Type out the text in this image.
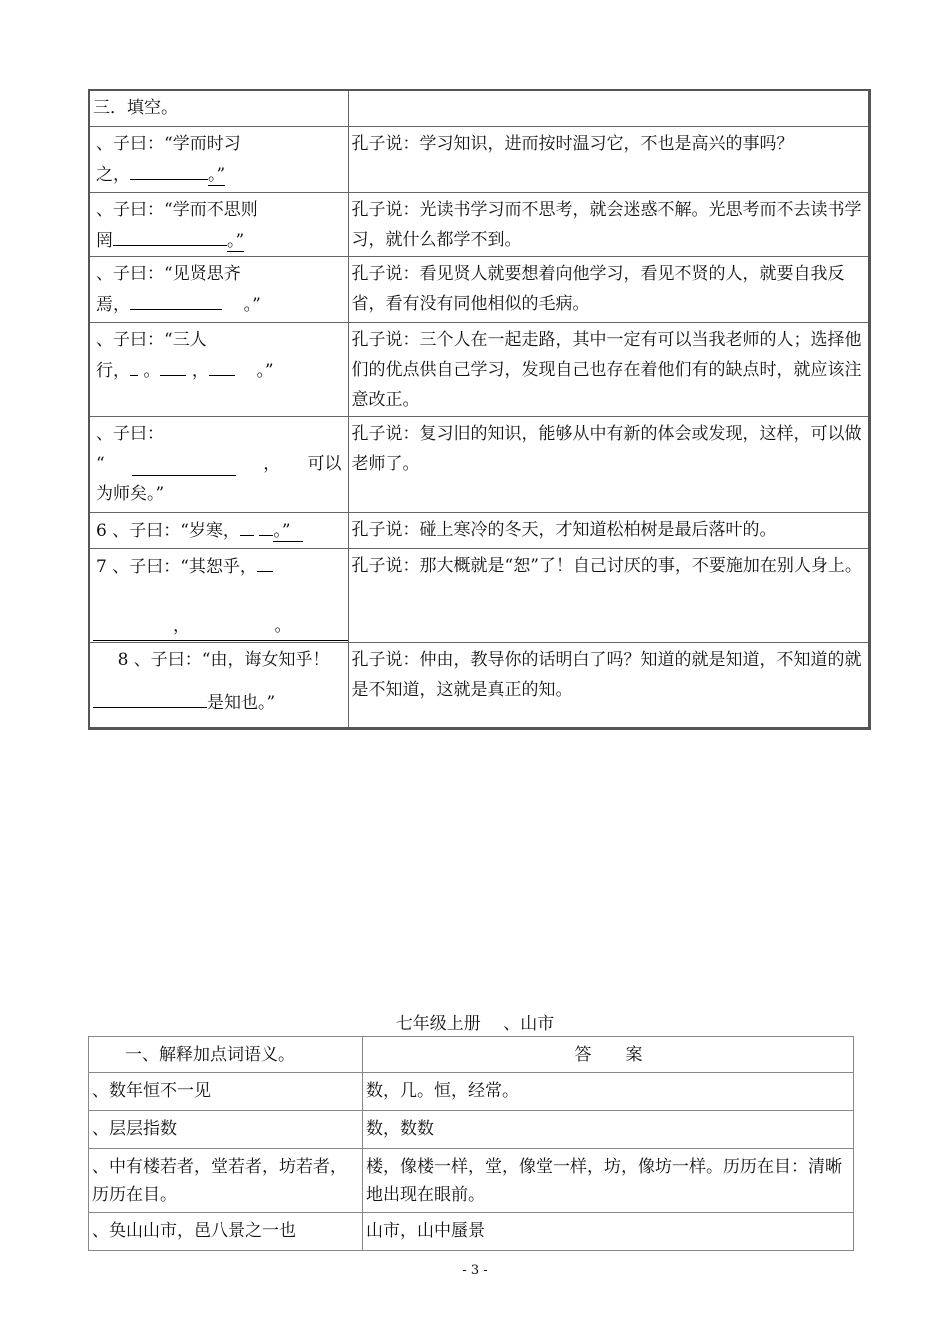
三．填空。	

、子曰：“学而时习
之， 。”	孔子说：学习知识，进而按时温习它，不也是高兴的事吗？

、子曰：“学而不思则
罔 。”	孔子说：光读书学习而不思考，就会迷惑不解。光思考而不去读书学习，就什么都学不到。

、子曰：“见贤思齐
焉， 。”	孔子说：看见贤人就要想着向他学习，看见不贤的人，就要自我反省，看有没有同他相似的毛病。

、子曰：“三人
行， 。 ， 。”	孔子说：三个人在一起走路，其中一定有可以当我老师的人；选择他们的优点供自己学习，发现自己也存在着他们有的缺点时，就应该注意改正。

、子曰：
“ ， 可以
为师矣。”	孔子说：复习旧的知识，能够从中有新的体会或发现，这样，可以做老师了。

6 、子曰：“岁寒， 。”	孔子说：碰上寒冷的冬天，才知道松柏树是最后落叶的。

7 、子曰：“其恕乎，
， 。	孔子说：那大概就是“恕”了！自己讨厌的事，不要施加在别人身上。

8 、子曰：“由，诲女知乎！
是知也。”	孔子说：仲由，教导你的话明白了吗？知道的就是知道，不知道的就是不知道，这就是真正的知。
七年级上册　 、山市
一、解释加点词语义。	答　　案
、数年恒不一见	数，几。恒，经常。
、层层指数	数，数数
、中有楼若者，堂若者，坊若者，历历在目。	楼，像楼一样，堂，像堂一样，坊，像坊一样。历历在目：清晰地出现在眼前。
、奂山山市，邑八景之一也	山市，山中蜃景
- 3 -
